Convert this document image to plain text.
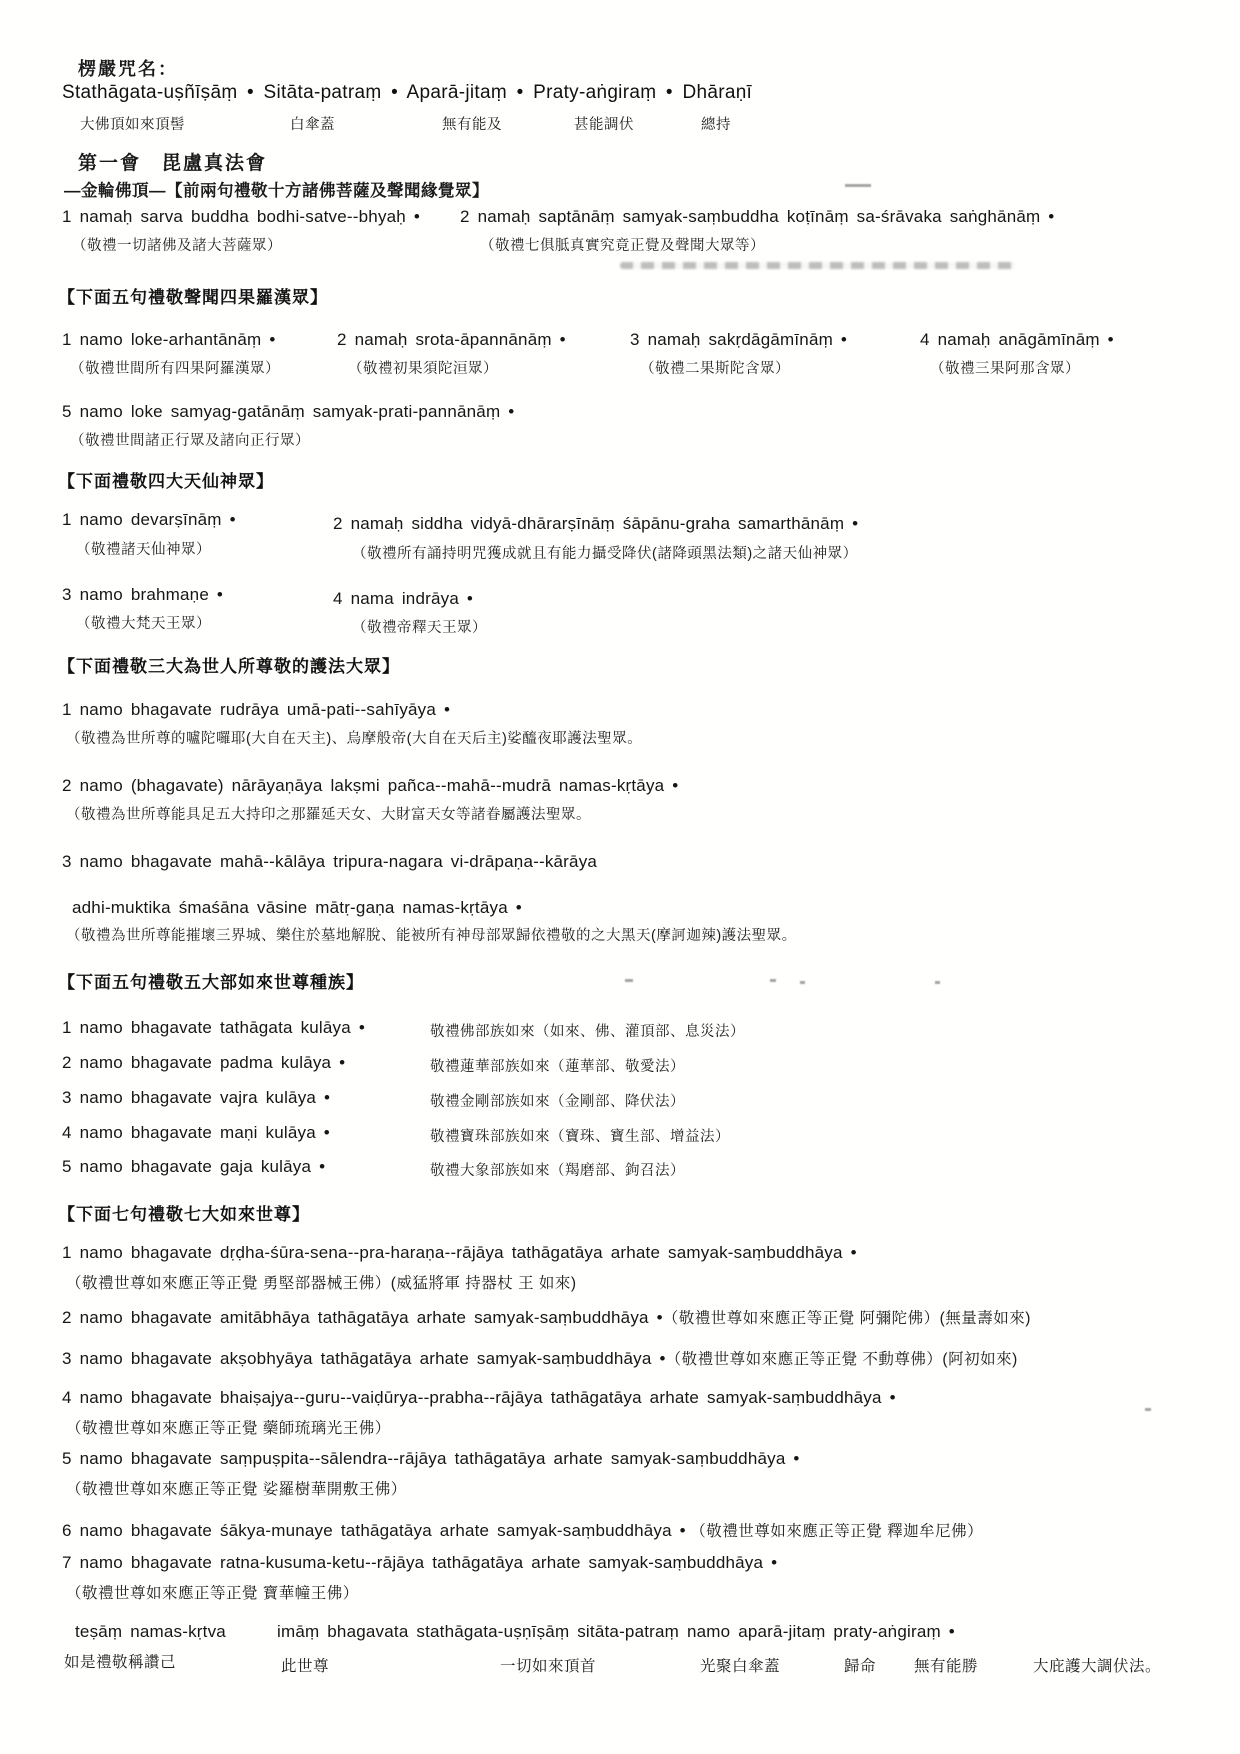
楞嚴咒名：
Stathāgata-uṣñīṣāṃ • Sitāta-patraṃ • Aparā-jitaṃ • Praty-aṅgiraṃ • Dhāraṇī
大佛頂如來頂髻	白傘蓋	無有能及	甚能調伏	總持
第一會　毘盧真法會
—金輪佛頂—【前兩句禮敬十方諸佛菩薩及聲聞緣覺眾】
1 namaḥ sarva buddha bodhi-satve--bhyaḥ • 2 namaḥ saptānāṃ samyak-saṃbuddha koṭīnāṃ sa-śrāvaka saṅghānāṃ •
（敬禮一切諸佛及諸大菩薩眾）	（敬禮七俱胝真實究竟正覺及聲聞大眾等）
【下面五句禮敬聲聞四果羅漢眾】
1 namo loke-arhantānāṃ •	2 namaḥ srota-āpannānāṃ •	3 namaḥ sakṛdāgāmīnāṃ •	4 namaḥ anāgāmīnāṃ •
（敬禮世間所有四果阿羅漢眾）	（敬禮初果須陀洹眾）	（敬禮二果斯陀含眾）	（敬禮三果阿那含眾）
5 namo loke samyag-gatānāṃ samyak-prati-pannānāṃ •
（敬禮世間諸正行眾及諸向正行眾）
【下面禮敬四大天仙神眾】
1 namo devarṣīnāṃ •	2 namaḥ siddha vidyā-dhārarṣīnāṃ śāpānu-graha samarthānāṃ •
（敬禮諸天仙神眾）	（敬禮所有誦持明咒獲成就且有能力攝受降伏(諸降頭黑法類)之諸天仙神眾）
3 namo brahmaṇe •	4 nama indrāya •
（敬禮大梵天王眾）	（敬禮帝釋天王眾）
【下面禮敬三大為世人所尊敬的護法大眾】
1 namo bhagavate rudrāya umā-pati--sahīyāya •
（敬禮為世所尊的嚧陀囉耶(大自在天主)、烏摩般帝(大自在天后主)娑醯夜耶護法聖眾。
2 namo (bhagavate) nārāyaṇāya lakṣmi pañca--mahā--mudrā namas-kṛtāya •
（敬禮為世所尊能具足五大持印之那羅延天女、大財富天女等諸眷屬護法聖眾。
3 namo bhagavate mahā--kālāya tripura-nagara vi-drāpaṇa--kārāya
adhi-muktika śmaśāna vāsine mātṛ-gaṇa namas-kṛtāya •
（敬禮為世所尊能摧壞三界城、樂住於墓地解脫、能被所有神母部眾歸依禮敬的之大黑天(摩訶迦辣)護法聖眾。
【下面五句禮敬五大部如來世尊種族】
1 namo bhagavate tathāgata kulāya •	敬禮佛部族如來（如來、佛、灌頂部、息災法）
2 namo bhagavate padma kulāya •	敬禮蓮華部族如來（蓮華部、敬愛法）
3 namo bhagavate vajra kulāya •	敬禮金剛部族如來（金剛部、降伏法）
4 namo bhagavate maṇi kulāya •	敬禮寶珠部族如來（寶珠、寶生部、增益法）
5 namo bhagavate gaja kulāya •	敬禮大象部族如來（羯磨部、鉤召法）
【下面七句禮敬七大如來世尊】
1 namo bhagavate dṛḍha-śūra-sena--pra-haraṇa--rājāya tathāgatāya arhate samyak-saṃbuddhāya •
（敬禮世尊如來應正等正覺 勇堅部器械王佛）(威猛將軍 持器杖 王 如來)
2 namo bhagavate amitābhāya tathāgatāya arhate samyak-saṃbuddhāya •（敬禮世尊如來應正等正覺 阿彌陀佛）(無量壽如來)
3 namo bhagavate akṣobhyāya tathāgatāya arhate samyak-saṃbuddhāya •（敬禮世尊如來應正等正覺 不動尊佛）(阿初如來)
4 namo bhagavate bhaiṣajya--guru--vaiḍūrya--prabha--rājāya tathāgatāya arhate samyak-saṃbuddhāya •
（敬禮世尊如來應正等正覺 藥師琉璃光王佛）
5 namo bhagavate saṃpuṣpita--sālendra--rājāya tathāgatāya arhate samyak-saṃbuddhāya •
（敬禮世尊如來應正等正覺 娑羅樹華開敷王佛）
6 namo bhagavate śākya-munaye tathāgatāya arhate samyak-saṃbuddhāya • （敬禮世尊如來應正等正覺 釋迦牟尼佛）
7 namo bhagavate ratna-kusuma-ketu--rājāya tathāgatāya arhate samyak-saṃbuddhāya •
（敬禮世尊如來應正等正覺 寶華幢王佛）
teṣāṃ namas-kṛtva
如是禮敬稱讚己
imāṃ bhagavata stathāgata-uṣṇīṣāṃ sitāta-patraṃ namo aparā-jitaṃ praty-aṅgiraṃ •
此世尊	一切如來頂首	光聚白傘蓋	歸命 無有能勝	大庇護大調伏法。
